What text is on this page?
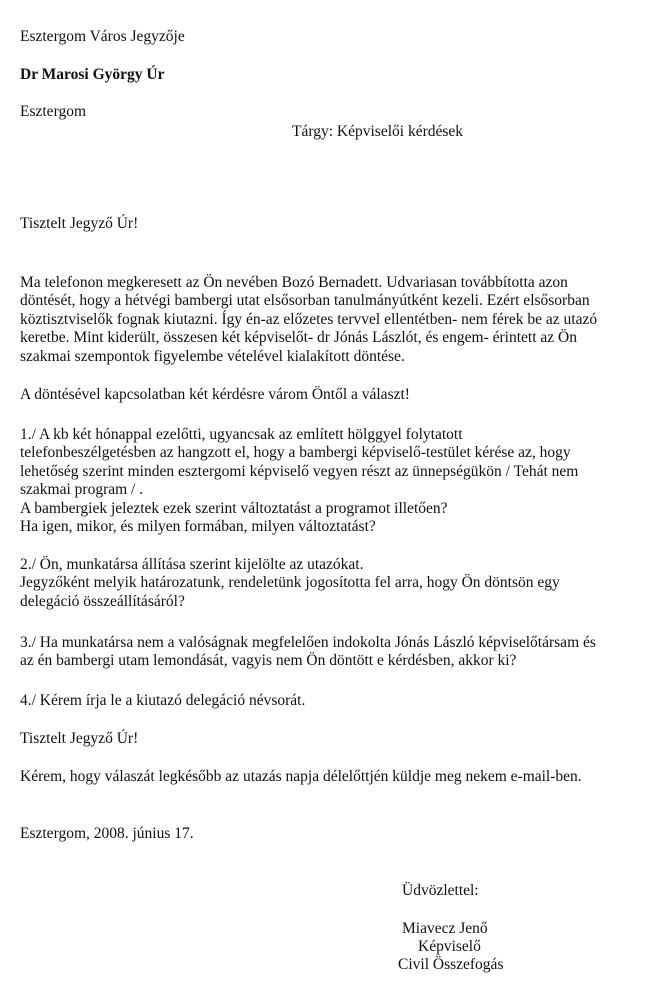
Esztergom Város Jegyzője
Dr Marosi György Úr
Esztergom
Tárgy: Képviselői kérdések
Tisztelt Jegyző Úr!
Ma telefonon megkeresett az Ön nevében Bozó Bernadett. Udvariasan továbbította azon
döntését, hogy a hétvégi bambergi utat elsősorban tanulmányútként kezeli. Ezért elsősorban
köztisztviselők fognak kiutazni. Így én-az előzetes tervvel ellentétben- nem férek be az utazó
keretbe. Mint kiderült, összesen két képviselőt- dr Jónás Lászlót, és engem- érintett az Ön
szakmai szempontok figyelembe vételével kialakított döntése.
A döntésével kapcsolatban két kérdésre várom Öntől a választ!
1./ A kb két hónappal ezelőtti, ugyancsak az említett hölggyel folytatott
telefonbeszélgetésben az hangzott el, hogy a bambergi képviselő-testület kérése az, hogy
lehetőség szerint minden esztergomi képviselő vegyen részt az ünnepségükön / Tehát nem
szakmai program / .
A bambergiek jeleztek ezek szerint változtatást a programot illetően?
Ha igen, mikor, és milyen formában, milyen változtatást?
2./ Ön, munkatársa állítása szerint kijelölte az utazókat.
Jegyzőként melyik határozatunk, rendeletünk jogosította fel arra, hogy Ön döntsön egy
delegáció összeállításáról?
3./ Ha munkatársa nem a valóságnak megfelelően indokolta Jónás László képviselőtársam és
az én bambergi utam lemondását, vagyis nem Ön döntött e kérdésben, akkor ki?
4./ Kérem írja le a kiutazó delegáció névsorát.
Tisztelt Jegyző Úr!
Kérem, hogy válaszát legkésőbb az utazás napja délelőttjén küldje meg nekem e-mail-ben.
Esztergom, 2008. június 17.
Üdvözlettel:
Miavecz Jenő
Képviselő
Civil Összefogás
